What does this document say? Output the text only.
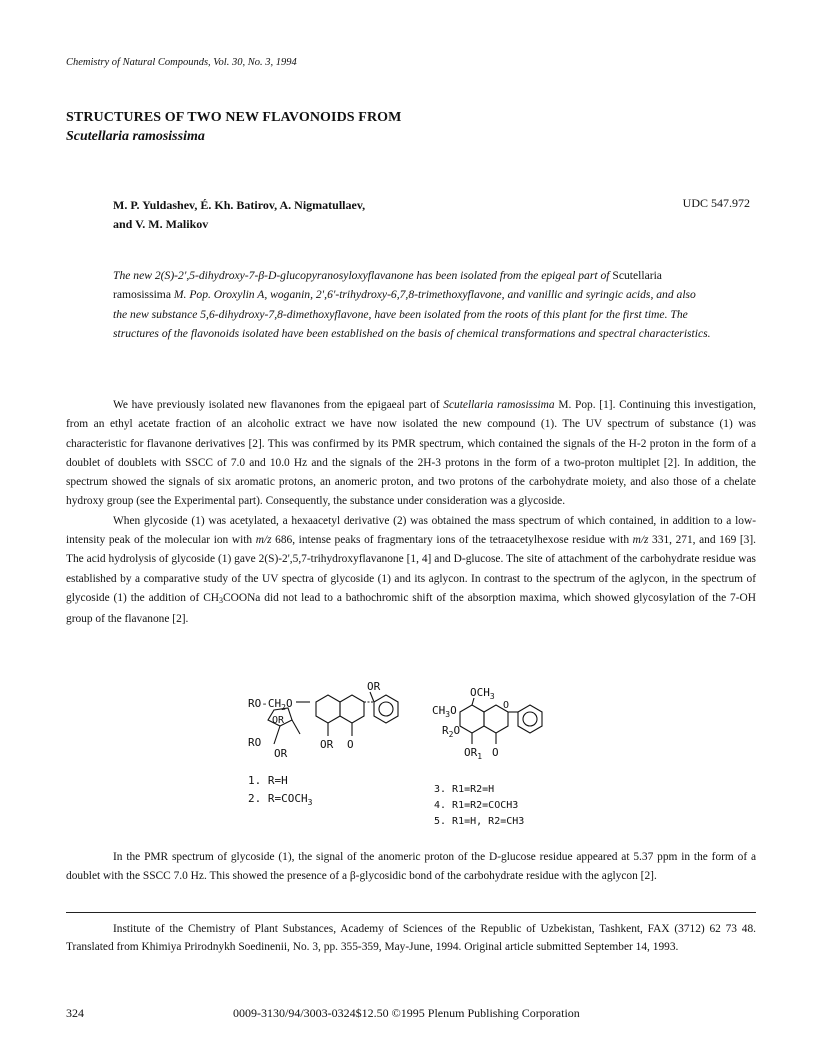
Chemistry of Natural Compounds, Vol. 30, No. 3, 1994
STRUCTURES OF TWO NEW FLAVONOIDS FROM
Scutellaria ramosissima
M. P. Yuldashev, É. Kh. Batirov, A. Nigmatullaev,
and V. M. Malikov
UDC 547.972
The new 2(S)-2',5-dihydroxy-7-β-D-glucopyranosyloxyflavanone has been isolated from the epigeal part of Scutellaria ramosissima M. Pop. Oroxylin A, woganin, 2',6'-trihydroxy-6,7,8-trimethoxyflavone, and vanillic and syringic acids, and also the new substance 5,6-dihydroxy-7,8-dimethoxyflavone, have been isolated from the roots of this plant for the first time. The structures of the flavonoids isolated have been established on the basis of chemical transformations and spectral characteristics.

We have previously isolated new flavanones from the epigaeal part of Scutellaria ramosissima M. Pop. [1]. Continuing this investigation, from an ethyl acetate fraction of an alcoholic extract we have now isolated the new compound (1). The UV spectrum of substance (1) was characteristic for flavanone derivatives [2]. This was confirmed by its PMR spectrum, which contained the signals of the H-2 proton in the form of a doublet of doublets with SSCC of 7.0 and 10.0 Hz and the signals of the 2H-3 protons in the form of a two-proton multiplet [2]. In addition, the spectrum showed the signals of six aromatic protons, an anomeric proton, and two protons of the carbohydrate moiety, and also those of a chelate hydroxy group (see the Experimental part). Consequently, the substance under consideration was a glycoside.

When glycoside (1) was acetylated, a hexaacetyl derivative (2) was obtained the mass spectrum of which contained, in addition to a low-intensity peak of the molecular ion with m/z 686, intense peaks of fragmentary ions of the tetraacetylhexose residue with m/z 331, 271, and 169 [3]. The acid hydrolysis of glycoside (1) gave 2(S)-2',5,7-trihydroxyflavanone [1, 4] and D-glucose. The site of attachment of the carbohydrate residue was established by a comparative study of the UV spectra of glycoside (1) and its aglycon. In contrast to the spectrum of the aglycon, in the spectrum of glycoside (1) the addition of $CH_3COONa$ did not lead to a bathochromic shift of the absorption maxima, which showed glycosylation of the 7-OH group of the flavanone [2].

OR
$RO-CH_2O$
OR
RO
OR
OR O
1. R=H
2. $R=COCH_3$
$OCH_3$
$CH_3O$
$R_2O$
$OR_1$ O
O
3. R1=R2=H
4. R1=R2=COCH3
5. R1=H, R2=CH3

In the PMR spectrum of glycoside (1), the signal of the anomeric proton of the D-glucose residue appeared at 5.37 ppm in the form of a doublet with the SSCC 7.0 Hz. This showed the presence of a β-glycosidic bond of the carbohydrate residue with the aglycon [2].

Institute of the Chemistry of Plant Substances, Academy of Sciences of the Republic of Uzbekistan, Tashkent, FAX (3712) 62 73 48. Translated from Khimiya Prirodnykh Soedinenii, No. 3, pp. 355-359, May-June, 1994. Original article submitted September 14, 1993.

324	0009-3130/94/3003-0324$12.50 ©1995 Plenum Publishing Corporation
